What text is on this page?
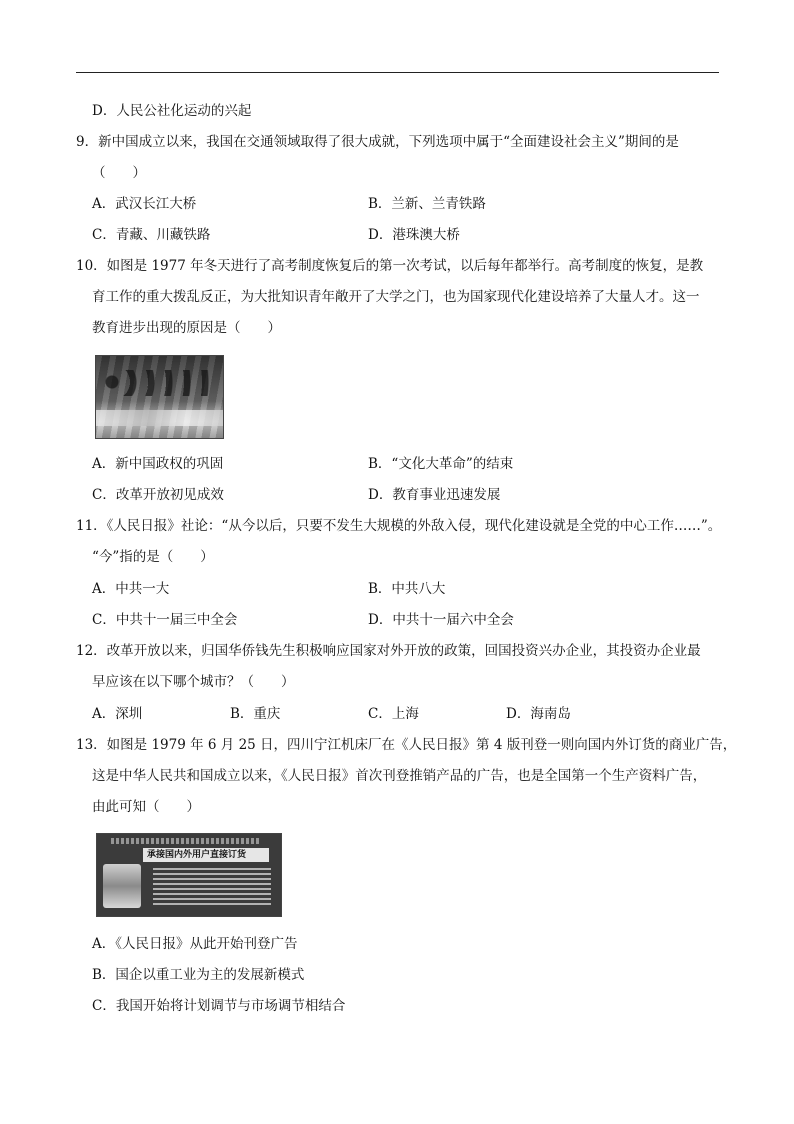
D．人民公社化运动的兴起
9．新中国成立以来，我国在交通领域取得了很大成就，下列选项中属于“全面建设社会主义”期间的是
（　　）
A．武汉长江大桥	B．兰新、兰青铁路
C．青藏、川藏铁路	D．港珠澳大桥
10．如图是 1977 年冬天进行了高考制度恢复后的第一次考试，以后每年都举行。高考制度的恢复，是教
育工作的重大拨乱反正，为大批知识青年敞开了大学之门，也为国家现代化建设培养了大量人才。这一
教育进步出现的原因是（　　）
A．新中国政权的巩固	B．“文化大革命”的结束
C．改革开放初见成效	D．教育事业迅速发展
11．《人民日报》社论：“从今以后，只要不发生大规模的外敌入侵，现代化建设就是全党的中心工作……”。
“今”指的是（　　）
A．中共一大	B．中共八大
C．中共十一届三中全会	D．中共十一届六中全会
12．改革开放以来，归国华侨钱先生积极响应国家对外开放的政策，回国投资兴办企业，其投资办企业最
早应该在以下哪个城市？（　　）
A．深圳	B．重庆	C．上海	D．海南岛
13．如图是 1979 年 6 月 25 日，四川宁江机床厂在《人民日报》第 4 版刊登一则向国内外订货的商业广告，
这是中华人民共和国成立以来，《人民日报》首次刊登推销产品的广告，也是全国第一个生产资料广告，
由此可知（　　）
承接国内外用户直接订货
A．《人民日报》从此开始刊登广告
B．国企以重工业为主的发展新模式
C．我国开始将计划调节与市场调节相结合
